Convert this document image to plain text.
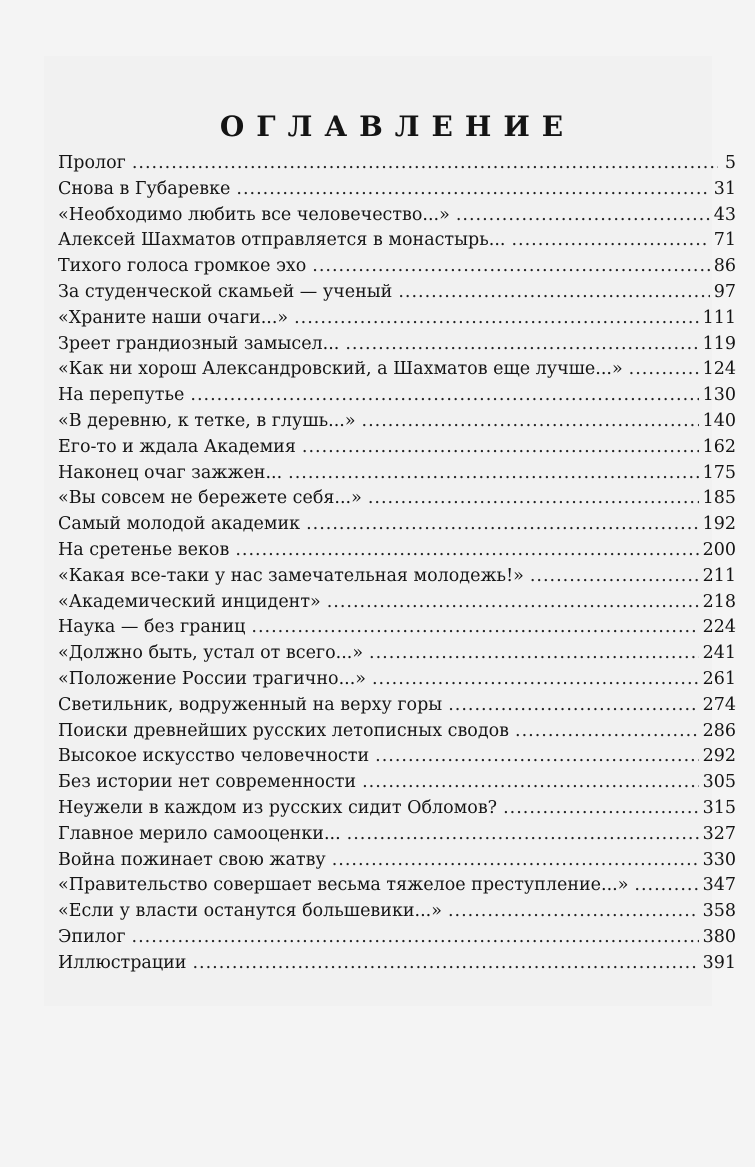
ОГЛАВЛЕНИЕ
Пролог .....	5
Снова в Губаревке .....	31
«Необходимо любить все человечество...» .....	43
Алексей Шахматов отправляется в монастырь... .....	71
Тихого голоса громкое эхо .....	86
За студенческой скамьей — ученый .....	97
«Храните наши очаги...» .....	111
Зреет грандиозный замысел... .....	119
«Как ни хорош Александровский, а Шахматов еще лучше...» .....	124
На перепутье .....	130
«В деревню, к тетке, в глушь...» .....	140
Его-то и ждала Академия .....	162
Наконец очаг зажжен... .....	175
«Вы совсем не бережете себя...» .....	185
Самый молодой академик .....	192
На сретенье веков .....	200
«Какая все-таки у нас замечательная молодежь!» .....	211
«Академический инцидент» .....	218
Наука — без границ .....	224
«Должно быть, устал от всего...» .....	241
«Положение России трагично...» .....	261
Светильник, водруженный на верху горы .....	274
Поиски древнейших русских летописных сводов .....	286
Высокое искусство человечности .....	292
Без истории нет современности .....	305
Неужели в каждом из русских сидит Обломов? .....	315
Главное мерило самооценки... .....	327
Война пожинает свою жатву .....	330
«Правительство совершает весьма тяжелое преступление...» .....	347
«Если у власти останутся большевики...» .....	358
Эпилог .....	380
Иллюстрации .....	391
